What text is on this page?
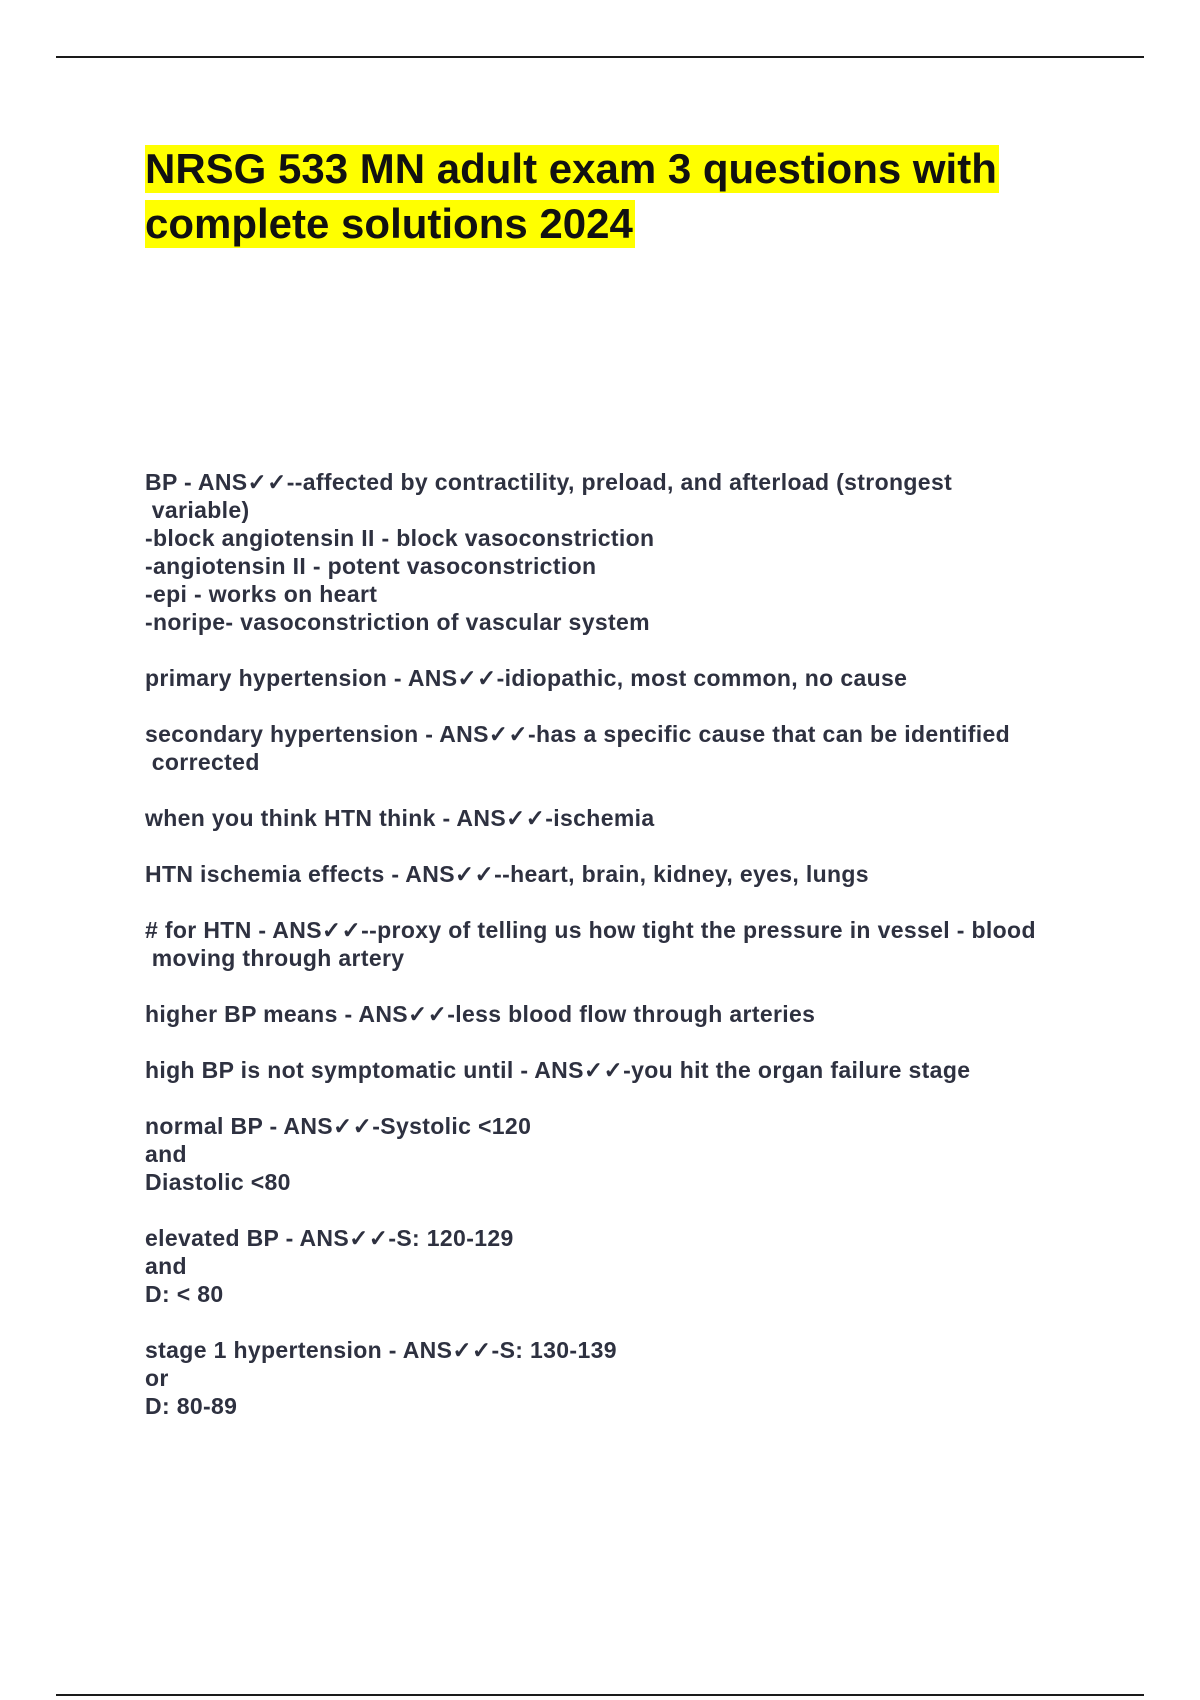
NRSG 533 MN adult exam 3 questions with complete solutions 2024
BP - ANS✓✓--affected by contractility, preload, and afterload (strongest
variable)
-block angiotensin II - block vasoconstriction
-angiotensin II - potent vasoconstriction
-epi - works on heart
-noripe- vasoconstriction of vascular system
primary hypertension - ANS✓✓-idiopathic, most common, no cause
secondary hypertension - ANS✓✓-has a specific cause that can be identified
corrected
when you think HTN think - ANS✓✓-ischemia
HTN ischemia effects - ANS✓✓--heart, brain, kidney, eyes, lungs
# for HTN - ANS✓✓--proxy of telling us how tight the pressure in vessel - blood
moving through artery
higher BP means - ANS✓✓-less blood flow through arteries
high BP is not symptomatic until - ANS✓✓-you hit the organ failure stage
normal BP - ANS✓✓-Systolic <120
and
Diastolic <80
elevated BP - ANS✓✓-S: 120-129
and
D: < 80
stage 1 hypertension - ANS✓✓-S: 130-139
or
D: 80-89
